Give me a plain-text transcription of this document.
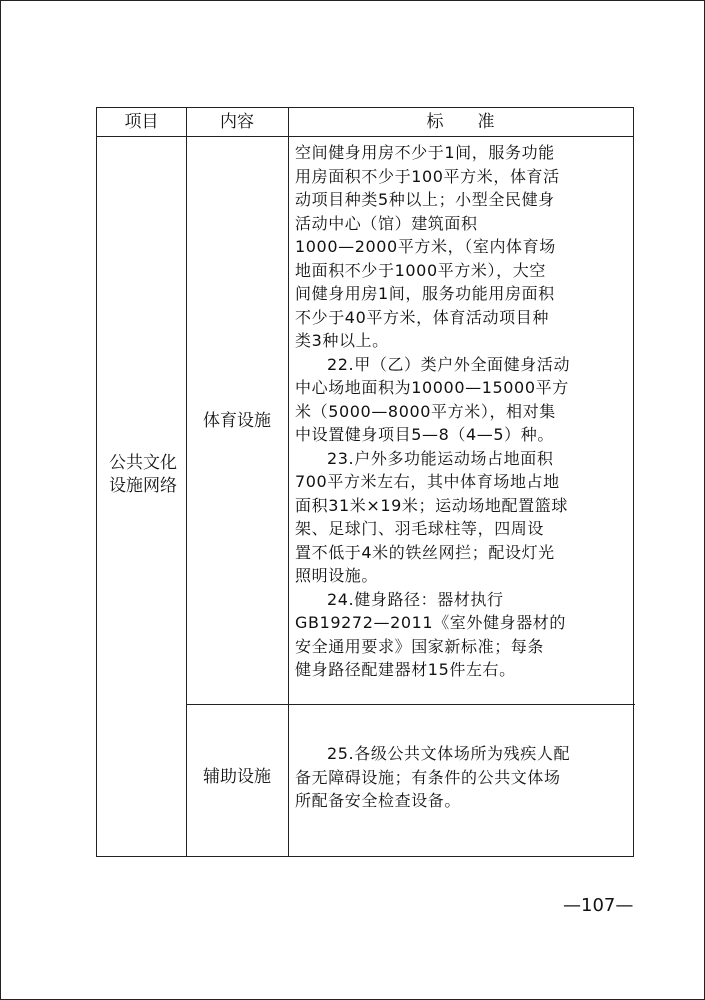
项目	内容	标　　准
公共文化
设施网络
体育设施

空间健身用房不少于1间，服务功能

用房面积不少于100平方米，体育活

动项目种类5种以上；小型全民健身

活动中心（馆）建筑面积

1000—2000平方米，（室内体育场

地面积不少于1000平方米），大空

间健身用房1间，服务功能用房面积

不少于40平方米，体育活动项目种

类3种以上。

22.甲（乙）类户外全面健身活动

中心场地面积为10000—15000平方

米（5000—8000平方米），相对集

中设置健身项目5—8（4—5）种。

23.户外多功能运动场占地面积

700平方米左右，其中体育场地占地

面积31米×19米；运动场地配置篮球

架、足球门、羽毛球柱等，四周设

置不低于4米的铁丝网拦；配设灯光

照明设施。

24.健身路径：器材执行

GB19272—2011《室外健身器材的

安全通用要求》国家新标准；每条

健身路径配建器材15件左右。

辅助设施

25.各级公共文体场所为残疾人配

备无障碍设施；有条件的公共文体场

所配备安全检查设备。

—107—
